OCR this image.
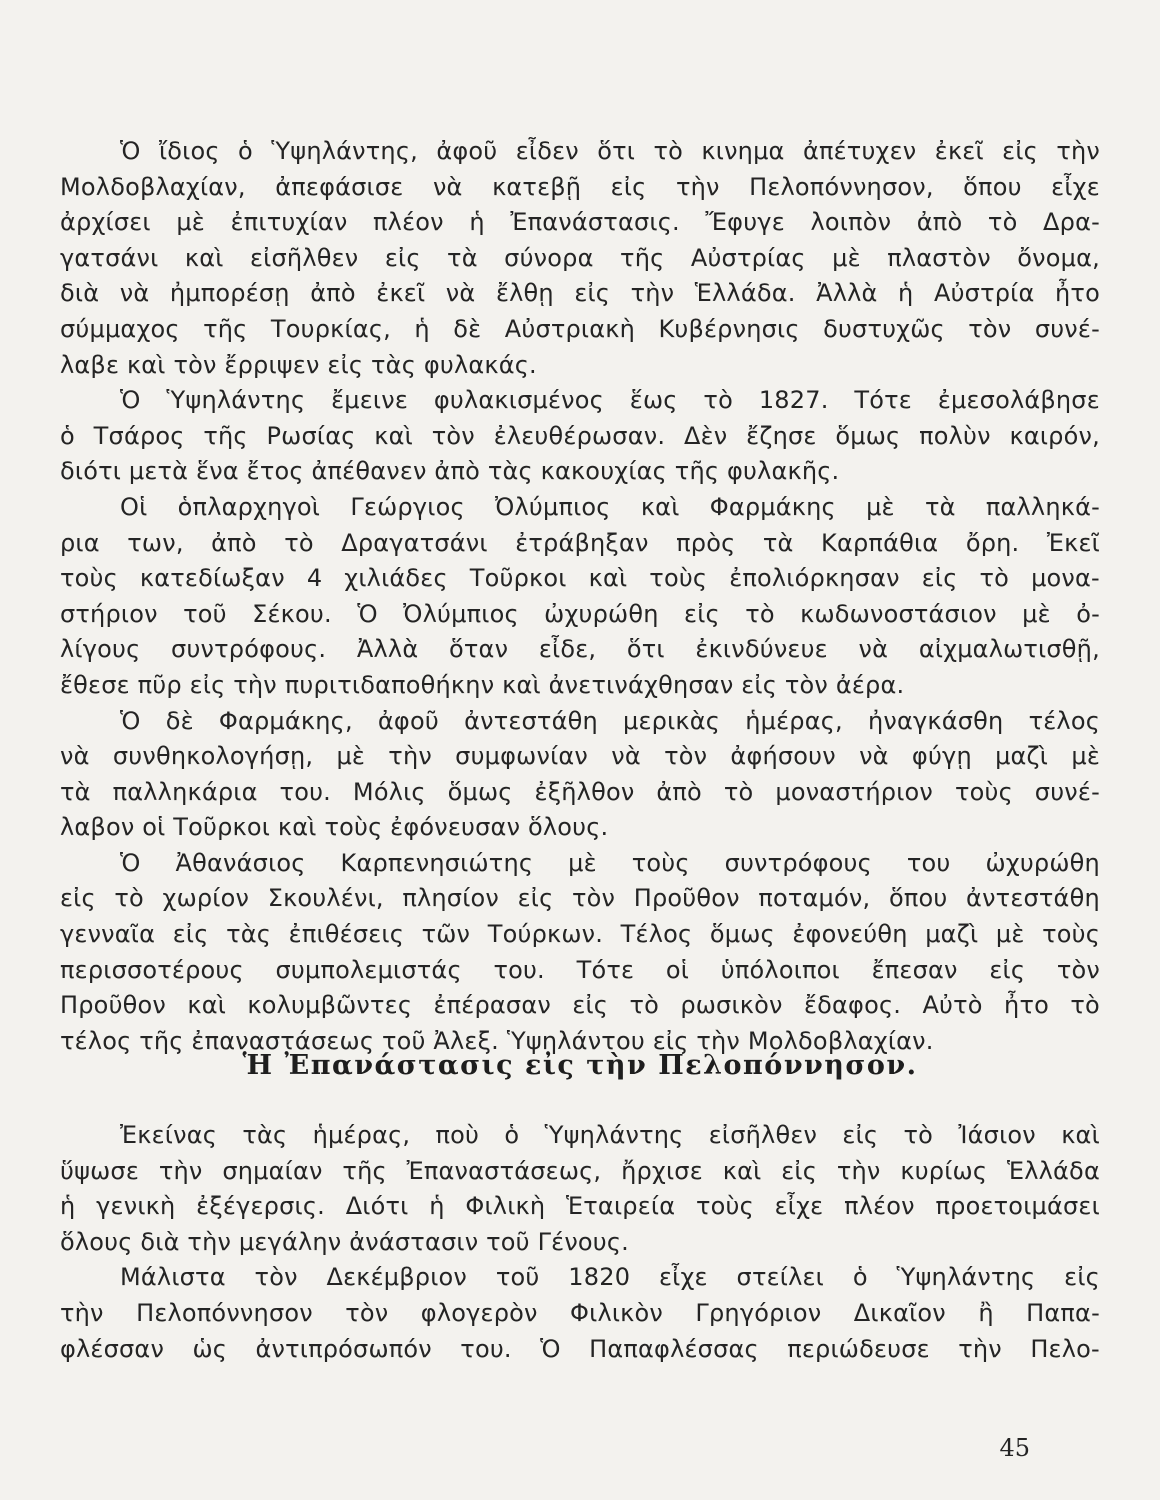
Ὁ ἴδιος ὁ Ὑψηλάντης, ἀφοῦ εἶδεν ὅτι τὸ κινημα ἀπέτυχεν ἐκεῖ εἰς τὴν
Μολδοβλαχίαν, ἀπεφάσισε νὰ κατεβῇ εἰς τὴν Πελοπόννησον, ὅπου εἶχε
ἀρχίσει μὲ ἐπιτυχίαν πλέον ἡ Ἐπανάστασις. Ἔφυγε λοιπὸν ἀπὸ τὸ Δρα-
γατσάνι καὶ εἰσῆλθεν εἰς τὰ σύνορα τῆς Αὐστρίας μὲ πλαστὸν ὄνομα,
διὰ νὰ ἠμπορέσῃ ἀπὸ ἐκεῖ νὰ ἔλθῃ εἰς τὴν Ἑλλάδα. Ἀλλὰ ἡ Αὐστρία ἦτο
σύμμαχος τῆς Τουρκίας, ἡ δὲ Αὐστριακὴ Κυβέρνησις δυστυχῶς τὸν συνέ-
λαβε καὶ τὸν ἔρριψεν εἰς τὰς φυλακάς.
Ὁ Ὑψηλάντης ἔμεινε φυλακισμένος ἕως τὸ 1827. Τότε ἐμεσολάβησε
ὁ Τσάρος τῆς Ρωσίας καὶ τὸν ἐλευθέρωσαν. Δὲν ἔζησε ὅμως πολὺν καιρόν,
διότι μετὰ ἕνα ἔτος ἀπέθανεν ἀπὸ τὰς κακουχίας τῆς φυλακῆς.
Οἱ ὁπλαρχηγοὶ Γεώργιος Ὀλύμπιος καὶ Φαρμάκης μὲ τὰ παλληκά-
ρια των, ἀπὸ τὸ Δραγατσάνι ἐτράβηξαν πρὸς τὰ Καρπάθια ὄρη. Ἐκεῖ
τοὺς κατεδίωξαν 4 χιλιάδες Τοῦρκοι καὶ τοὺς ἐπολιόρκησαν εἰς τὸ μονα-
στήριον τοῦ Σέκου. Ὁ Ὀλύμπιος ὠχυρώθη εἰς τὸ κωδωνοστάσιον μὲ ὀ-
λίγους συντρόφους. Ἀλλὰ ὅταν εἶδε, ὅτι ἐκινδύνευε νὰ αἰχμαλωτισθῇ,
ἔθεσε πῦρ εἰς τὴν πυριτιδαποθήκην καὶ ἀνετινάχθησαν εἰς τὸν ἀέρα.
Ὁ δὲ Φαρμάκης, ἀφοῦ ἀντεστάθη μερικὰς ἡμέρας, ἠναγκάσθη τέλος
νὰ συνθηκολογήσῃ, μὲ τὴν συμφωνίαν νὰ τὸν ἀφήσουν νὰ φύγῃ μαζὶ μὲ
τὰ παλληκάρια του. Μόλις ὅμως ἐξῆλθον ἀπὸ τὸ μοναστήριον τοὺς συνέ-
λαβον οἱ Τοῦρκοι καὶ τοὺς ἐφόνευσαν ὅλους.
Ὁ Ἀθανάσιος Καρπενησιώτης μὲ τοὺς συντρόφους του ὠχυρώθη
εἰς τὸ χωρίον Σκουλένι, πλησίον εἰς τὸν Προῦθον ποταμόν, ὅπου ἀντεστάθη
γενναῖα εἰς τὰς ἐπιθέσεις τῶν Τούρκων. Τέλος ὅμως ἐφονεύθη μαζὶ μὲ τοὺς
περισσοτέρους συμπολεμιστάς του. Τότε οἱ ὑπόλοιποι ἔπεσαν εἰς τὸν
Προῦθον καὶ κολυμβῶντες ἐπέρασαν εἰς τὸ ρωσικὸν ἔδαφος. Αὐτὸ ἦτο τὸ
τέλος τῆς ἐπαναστάσεως τοῦ Ἀλεξ. Ὑψηλάντου εἰς τὴν Μολδοβλαχίαν.
Ἡ Ἐπανάστασις εἰς τὴν Πελοπόννησον.
Ἐκείνας τὰς ἡμέρας, ποὺ ὁ Ὑψηλάντης εἰσῆλθεν εἰς τὸ Ἰάσιον καὶ
ὕψωσε τὴν σημαίαν τῆς Ἐπαναστάσεως, ἤρχισε καὶ εἰς τὴν κυρίως Ἑλλάδα
ἡ γενικὴ ἐξέγερσις. Διότι ἡ Φιλικὴ Ἑταιρεία τοὺς εἶχε πλέον προετοιμάσει
ὅλους διὰ τὴν μεγάλην ἀνάστασιν τοῦ Γένους.
Μάλιστα τὸν Δεκέμβριον τοῦ 1820 εἶχε στείλει ὁ Ὑψηλάντης εἰς
τὴν Πελοπόννησον τὸν φλογερὸν Φιλικὸν Γρηγόριον Δικαῖον ἢ Παπα-
φλέσσαν ὡς ἀντιπρόσωπόν του. Ὁ Παπαφλέσσας περιώδευσε τὴν Πελο-
45
